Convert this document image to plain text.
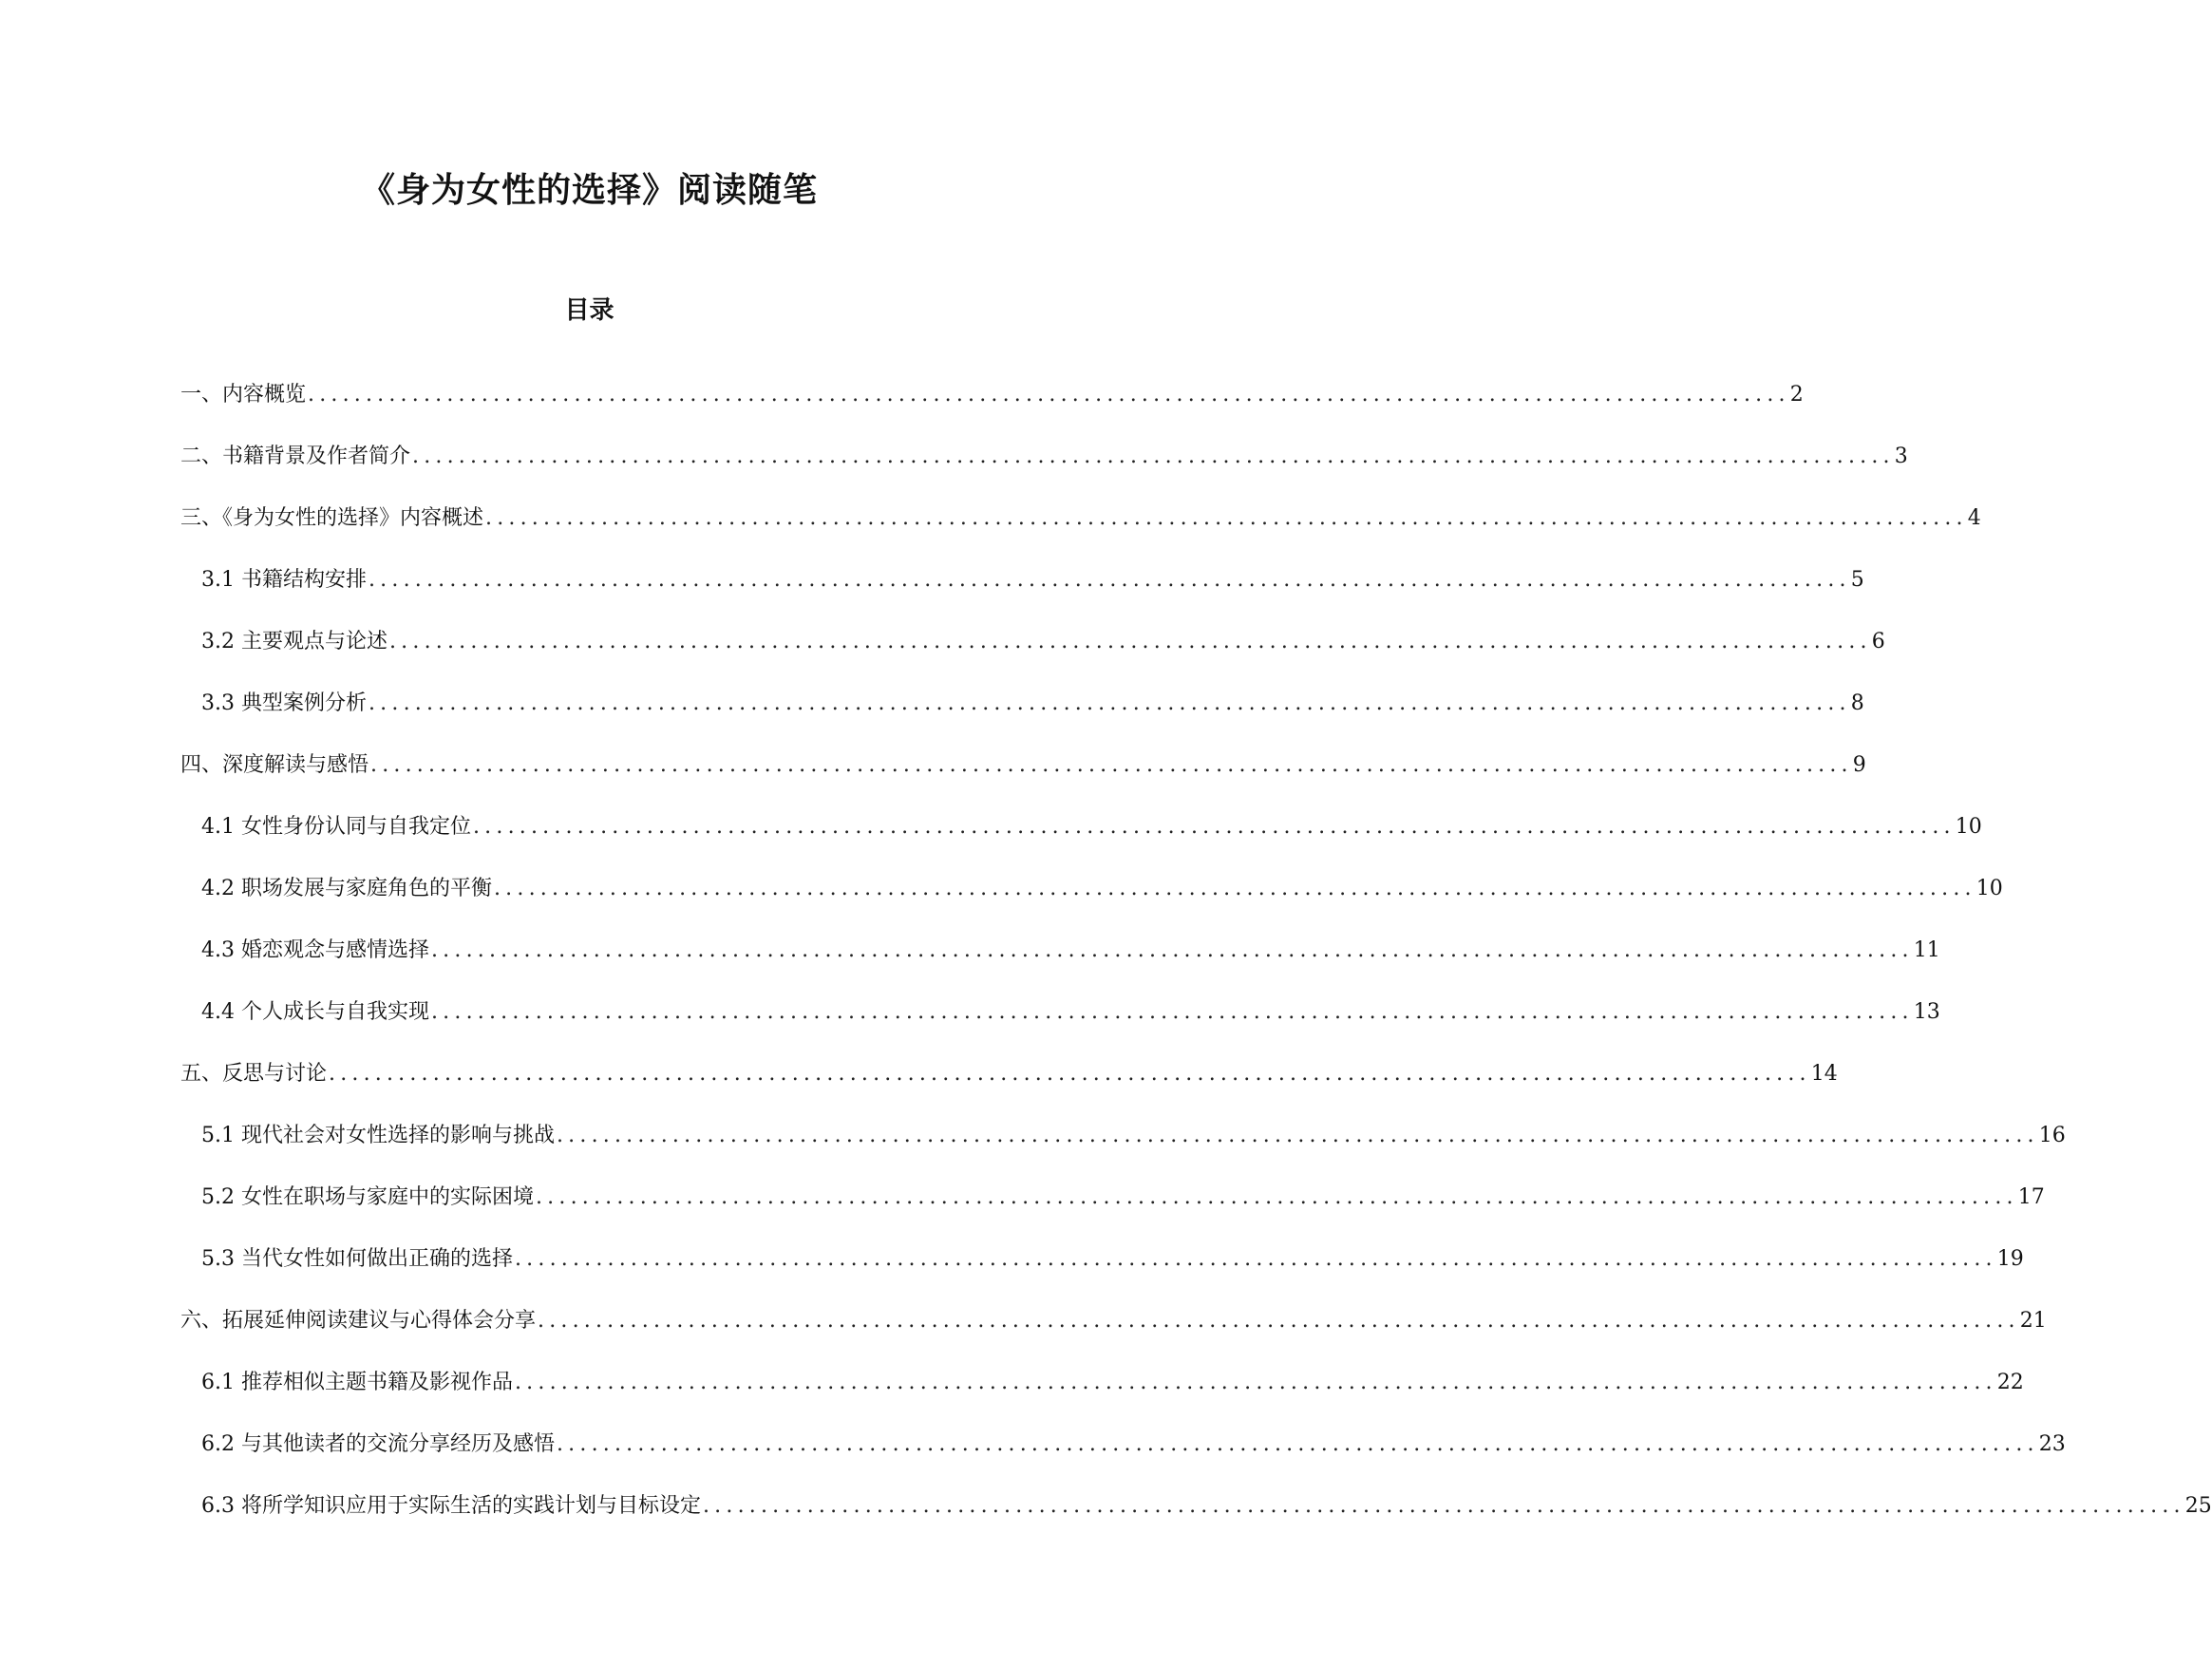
《身为女性的选择》阅读随笔
目录
一、内容概览 ................................................................................................................................ 2
二、书籍背景及作者简介 ................................................................................................................................ 3
三、《身为女性的选择》内容概述 ................................................................................................................................ 4
3.1 书籍结构安排 ................................................................................................................................ 5
3.2 主要观点与论述 ................................................................................................................................ 6
3.3 典型案例分析 ................................................................................................................................ 8
四、深度解读与感悟 ................................................................................................................................ 9
4.1 女性身份认同与自我定位 ................................................................................................................................ 10
4.2 职场发展与家庭角色的平衡 ................................................................................................................................ 10
4.3 婚恋观念与感情选择 ................................................................................................................................ 11
4.4 个人成长与自我实现 ................................................................................................................................ 13
五、反思与讨论 ................................................................................................................................ 14
5.1 现代社会对女性选择的影响与挑战 ................................................................................................................................ 16
5.2 女性在职场与家庭中的实际困境 ................................................................................................................................ 17
5.3 当代女性如何做出正确的选择 ................................................................................................................................ 19
六、拓展延伸阅读建议与心得体会分享 ................................................................................................................................ 21
6.1 推荐相似主题书籍及影视作品 ................................................................................................................................ 22
6.2 与其他读者的交流分享经历及感悟 ................................................................................................................................ 23
6.3 将所学知识应用于实际生活的实践计划与目标设定 ................................................................................................................................ 25
